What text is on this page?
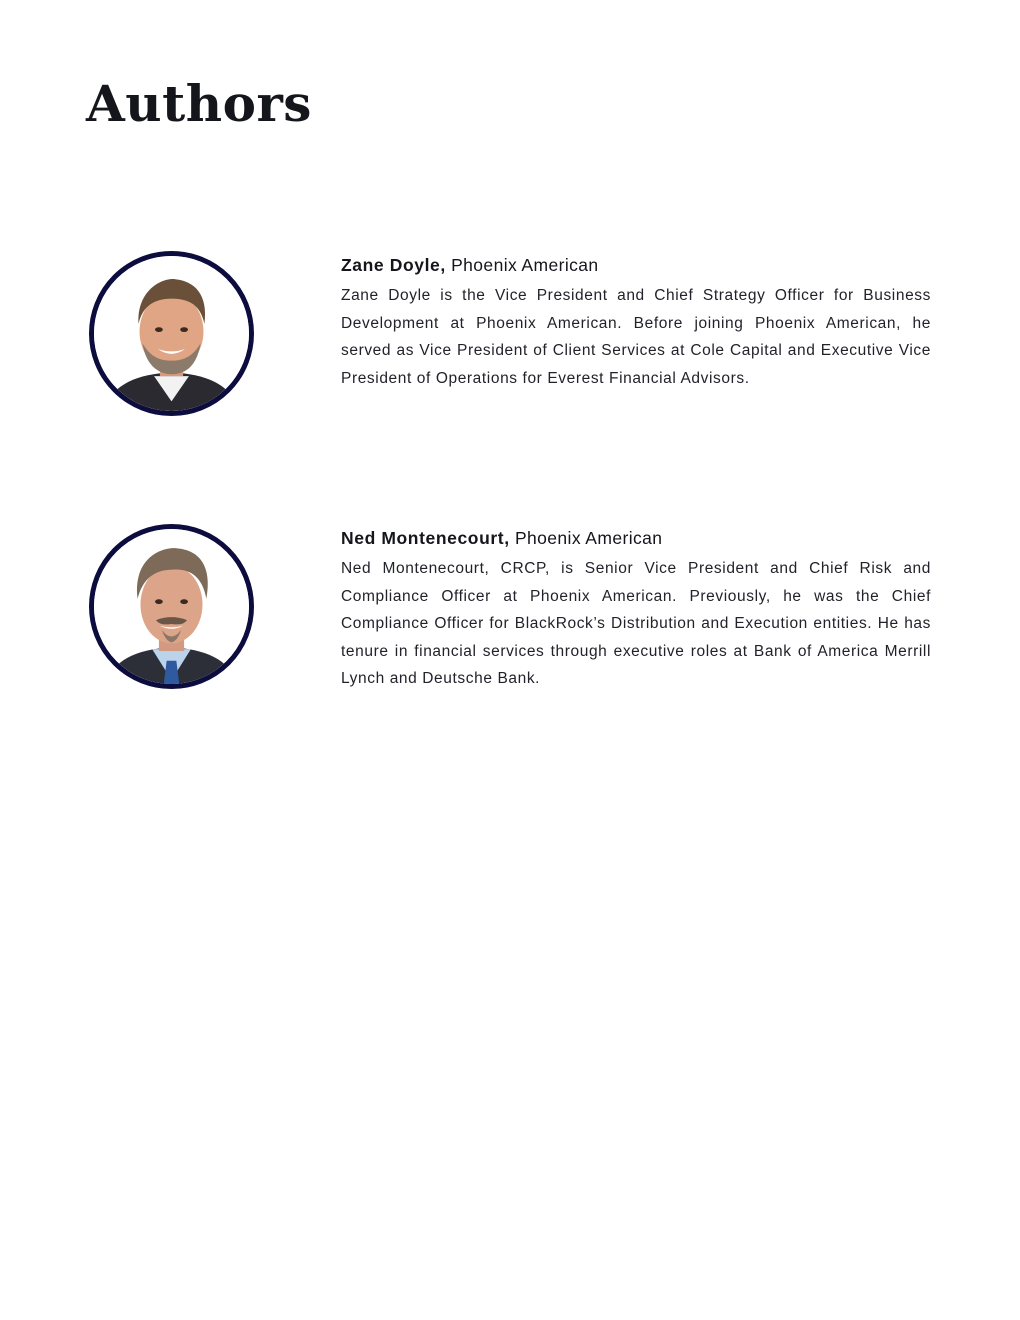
Authors

Zane Doyle, Phoenix American

Zane Doyle is the Vice President and Chief Strategy Officer for Business Development at Phoenix American. Before joining Phoenix American, he served as Vice President of Client Services at Cole Capital and Executive Vice President of Operations for Everest Financial Advisors.

Ned Montenecourt, Phoenix American

Ned Montenecourt, CRCP, is Senior Vice President and Chief Risk and Compliance Officer at Phoenix American. Previously, he was the Chief Compliance Officer for BlackRock’s Distribution and Execution entities. He has tenure in financial services through executive roles at Bank of America Merrill Lynch and Deutsche Bank.
